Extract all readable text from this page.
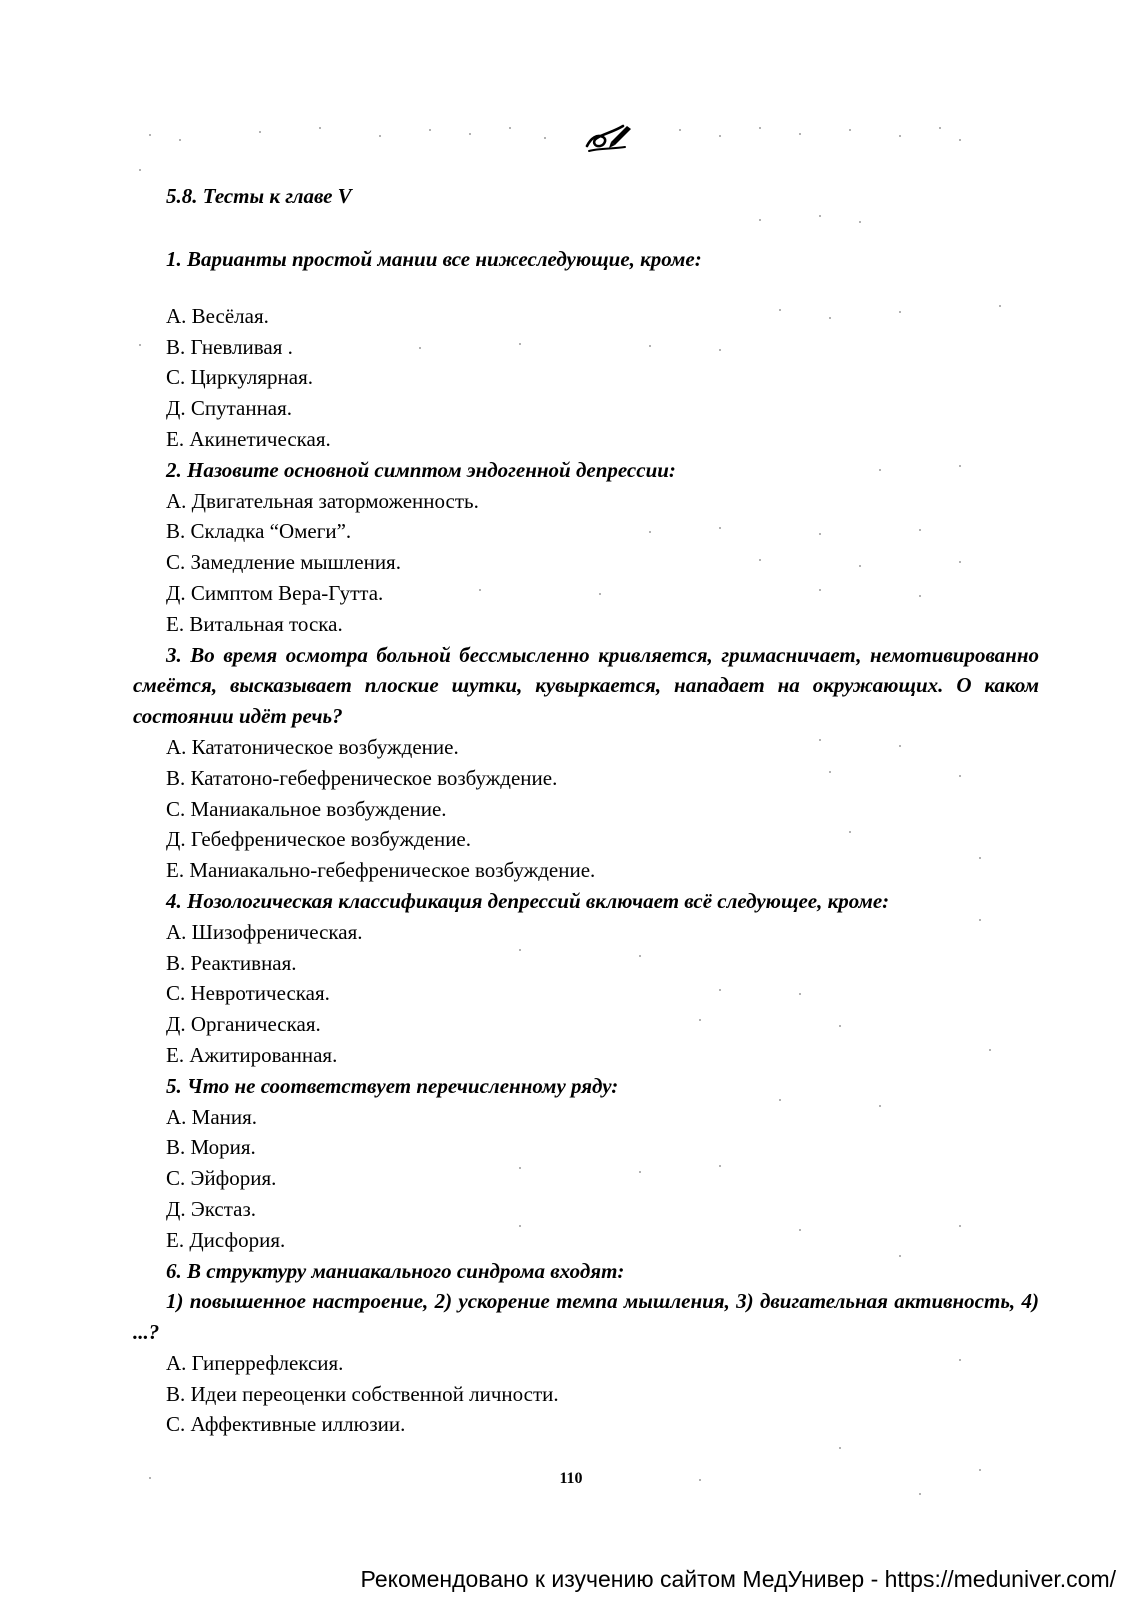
5.8. Тесты к главе V

1. Варианты простой мании все нижеследующие, кроме:

А. Весёлая.

В. Гневливая .

С. Циркулярная.

Д. Спутанная.

Е. Акинетическая.

2. Назовите основной симптом эндогенной депрессии:

А. Двигательная заторможенность.

В. Складка “Омеги”.

С. Замедление мышления.

Д. Симптом Вера-Гутта.

Е. Витальная тоска.

3. Во время осмотра больной бессмысленно кривляется, гримасничает, немотивированно смеётся, высказывает плоские шутки, кувыркается, нападает на окружающих. О каком состоянии идёт речь?

А. Кататоническое возбуждение.

В. Кататоно-гебефреническое возбуждение.

С. Маниакальное возбуждение.

Д. Гебефреническое возбуждение.

Е. Маниакально-гебефреническое возбуждение.

4. Нозологическая классификация депрессий включает всё следующее, кроме:

А. Шизофреническая.

В. Реактивная.

С. Невротическая.

Д. Органическая.

Е. Ажитированная.

5. Что не соответствует перечисленному ряду:

А. Мания.

В. Мория.

С. Эйфория.

Д. Экстаз.

Е. Дисфория.

6. В структуру маниакального синдрома входят:

1) повышенное настроение, 2) ускорение темпа мышления, 3) двигательная активность, 4) ...?

А. Гиперрефлексия.

В. Идеи переоценки собственной личности.

С. Аффективные иллюзии.

110
Рекомендовано к изучению сайтом МедУнивер - https://meduniver.com/
